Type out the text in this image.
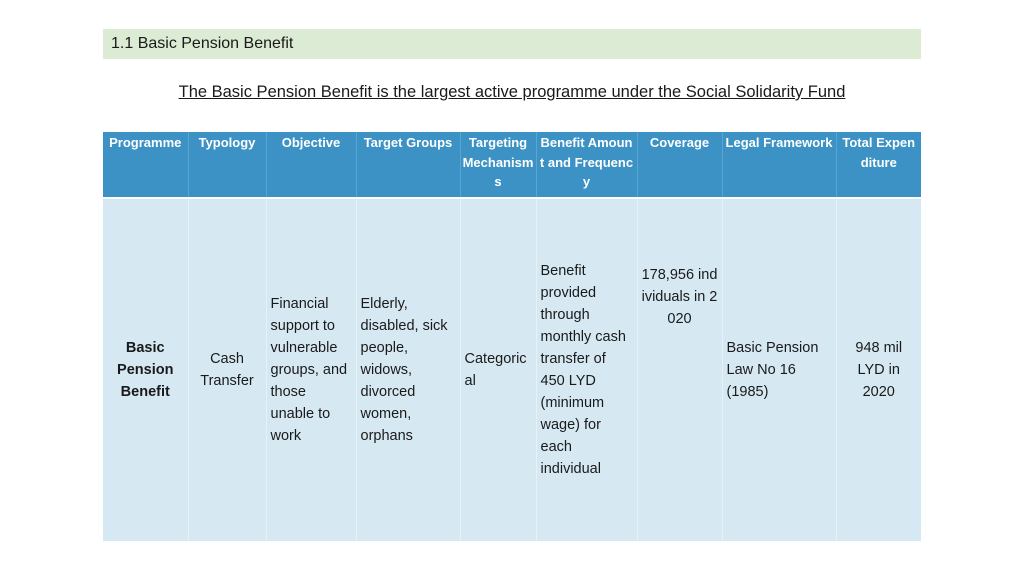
1.1 Basic Pension Benefit
The Basic Pension Benefit is the largest active programme under the Social Solidarity Fund
Programme	Typology	Objective	Target Groups	Targeting Mechanisms	Benefit Amount and Frequency	Coverage	Legal Framework	Total Expenditure
Basic Pension Benefit	Cash Transfer	Financial support to vulnerable groups, and those unable to work	Elderly, disabled, sick people, widows, divorced women, orphans	Categorical	Benefit provided through monthly cash transfer of 450 LYD (minimum wage) for each individual	178,956 individuals in 2020	Basic Pension Law No 16 (1985)	948 mil LYD in 2020
